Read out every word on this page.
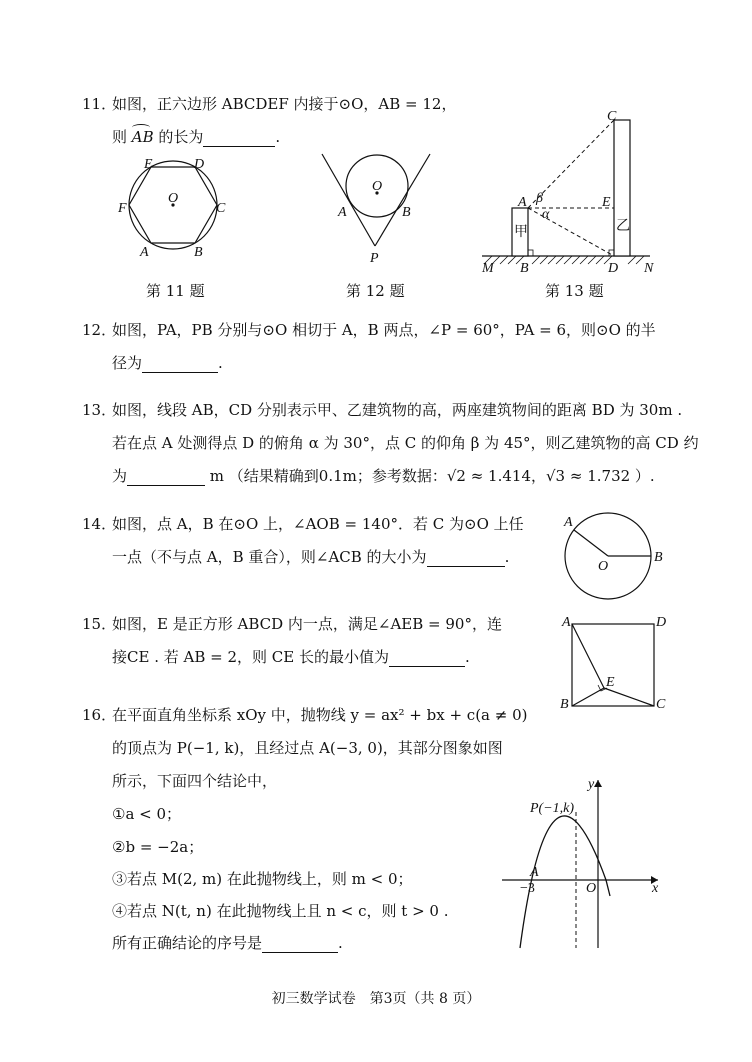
11．
如图，正六边形 ABCDEF 内接于⊙O，AB = 12，
则
AB 的长为	.
E	D
F	C
A	B
O
第 11 题
O
A	B
P
第 12 题
C
A β
α
E
甲	乙
M B	D N
第 13 题
12．
如图，PA，PB 分别与⊙O 相切于 A，B 两点，∠P = 60°，PA = 6，则⊙O 的半
径为	.
13．
如图，线段 AB，CD 分别表示甲、乙建筑物的高，两座建筑物间的距离 BD 为 30m .
若在点 A 处测得点 D 的俯角 α 为 30°，点 C 的仰角 β 为 45°，则乙建筑物的高 CD 约
为	m （结果精确到0.1m；参考数据：√2 ≈ 1.414，√3 ≈ 1.732 ）.
14．
如图，点 A，B 在⊙O 上，∠AOB = 140°．若 C 为⊙O 上任
一点（不与点 A，B 重合），则∠ACB 的大小为	.
A
O
B
15．
如图，E 是正方形 ABCD 内一点，满足∠AEB = 90°，连
接CE . 若 AB = 2，则 CE 长的最小值为	.
A	D
E
B	C
16．
在平面直角坐标系 xOy 中，抛物线 y = ax² + bx + c(a ≠ 0)
的顶点为 P(−1, k)，且经过点 A(−3, 0)，其部分图象如图
所示，下面四个结论中，
①a < 0；
②b = −2a；
③若点 M(2, m) 在此抛物线上，则 m < 0；
④若点 N(t, n) 在此抛物线上且 n < c，则 t > 0 .
所有正确结论的序号是	.
y
P(−1,k)
A
−3	O	x
初三数学试卷　第3页（共 8 页）
